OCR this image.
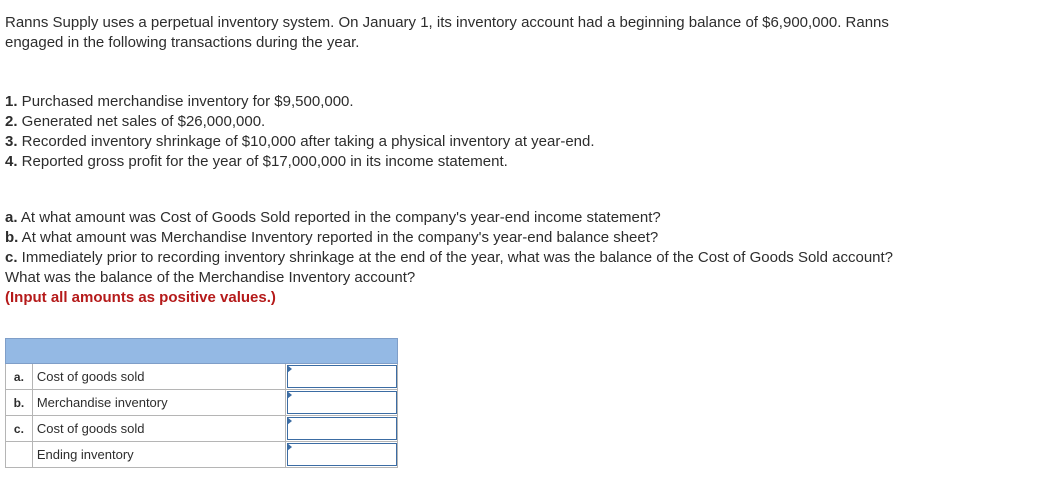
Ranns Supply uses a perpetual inventory system. On January 1, its inventory account had a beginning balance of $6,900,000. Ranns
engaged in the following transactions during the year.
1. Purchased merchandise inventory for $9,500,000.
2. Generated net sales of $26,000,000.
3. Recorded inventory shrinkage of $10,000 after taking a physical inventory at year-end.
4. Reported gross profit for the year of $17,000,000 in its income statement.
a. At what amount was Cost of Goods Sold reported in the company's year-end income statement?
b. At what amount was Merchandise Inventory reported in the company's year-end balance sheet?
c. Immediately prior to recording inventory shrinkage at the end of the year, what was the balance of the Cost of Goods Sold account?
What was the balance of the Merchandise Inventory account?
(Input all amounts as positive values.)

a.	Cost of goods sold	

b.	Merchandise inventory	

c.	Cost of goods sold	

	Ending inventory	
